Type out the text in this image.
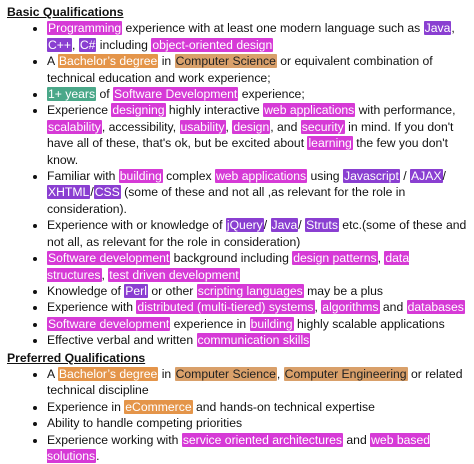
Basic Qualifications
• Programming experience with at least one modern language such as Java, C++, C# including object-oriented design
• A Bachelor’s degree in Computer Science or equivalent combination of technical education and work experience;
• 1+ years of Software Development experience;
• Experience designing highly interactive web applications with performance, scalability, accessibility, usability, design, and security in mind. If you don't have all of these, that's ok, but be excited about learning the few you don't know.
• Familiar with building complex web applications using Javascript / AJAX/ XHTML/CSS (some of these and not all ,as relevant for the role in consideration).
• Experience with or knowledge of jQuery/ Java/ Struts etc.(some of these and not all, as relevant for the role in consideration)
• Software development background including design patterns, data structures, test driven development
• Knowledge of Perl or other scripting languages may be a plus
• Experience with distributed (multi-tiered) systems, algorithms and databases
• Software development experience in building highly scalable applications
• Effective verbal and written communication skills
Preferred Qualifications
• A Bachelor’s degree in Computer Science, Computer Engineering or related technical discipline
• Experience in eCommerce and hands-on technical expertise
• Ability to handle competing priorities
• Experience working with service oriented architectures and web based solutions.
